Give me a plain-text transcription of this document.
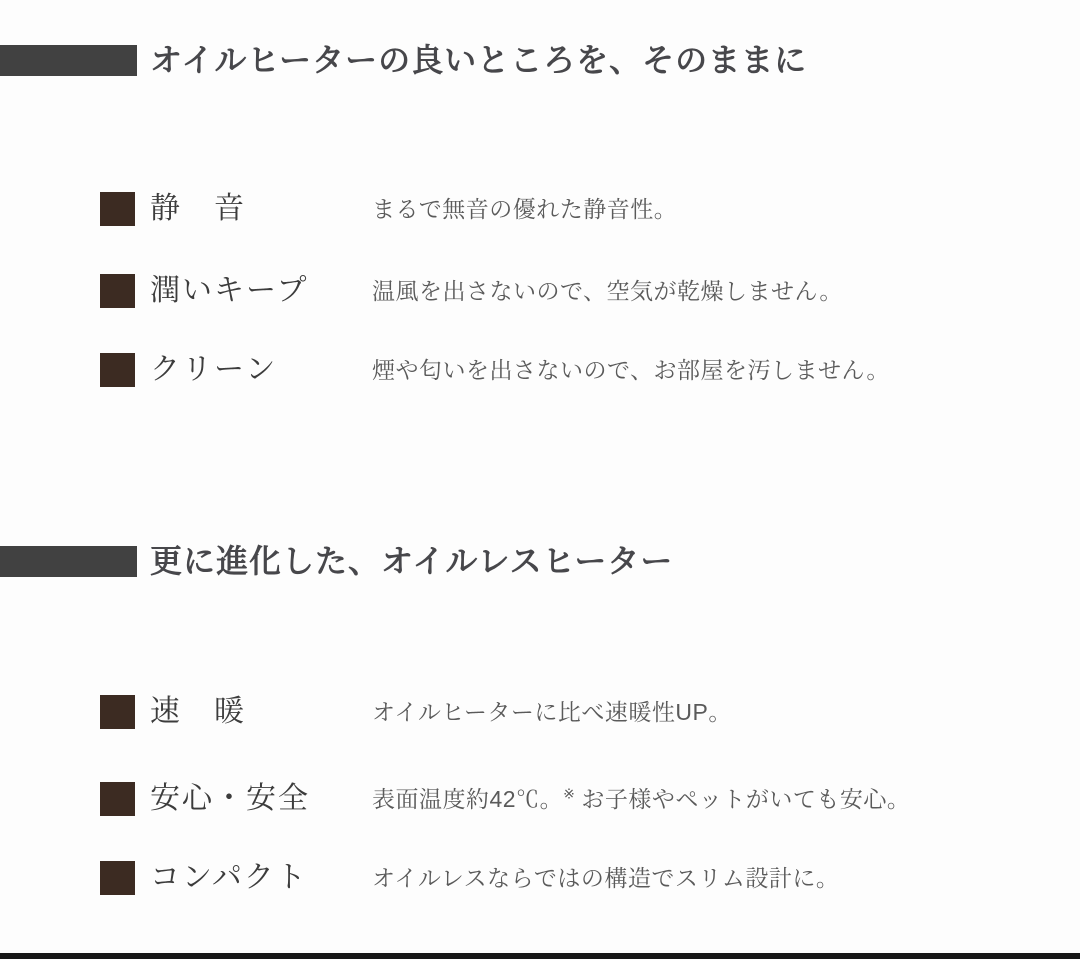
オイルヒーターの良いところを、そのままに
静　音	まるで無音の優れた静音性。
潤いキープ	温風を出さないので、空気が乾燥しません。
クリーン	煙や匂いを出さないので、お部屋を汚しません。
更に進化した、オイルレスヒーター
速　暖	オイルヒーターに比べ速暖性UP。
安心・安全	表面温度約42℃。※ お子様やペットがいても安心。
コンパクト	オイルレスならではの構造でスリム設計に。
